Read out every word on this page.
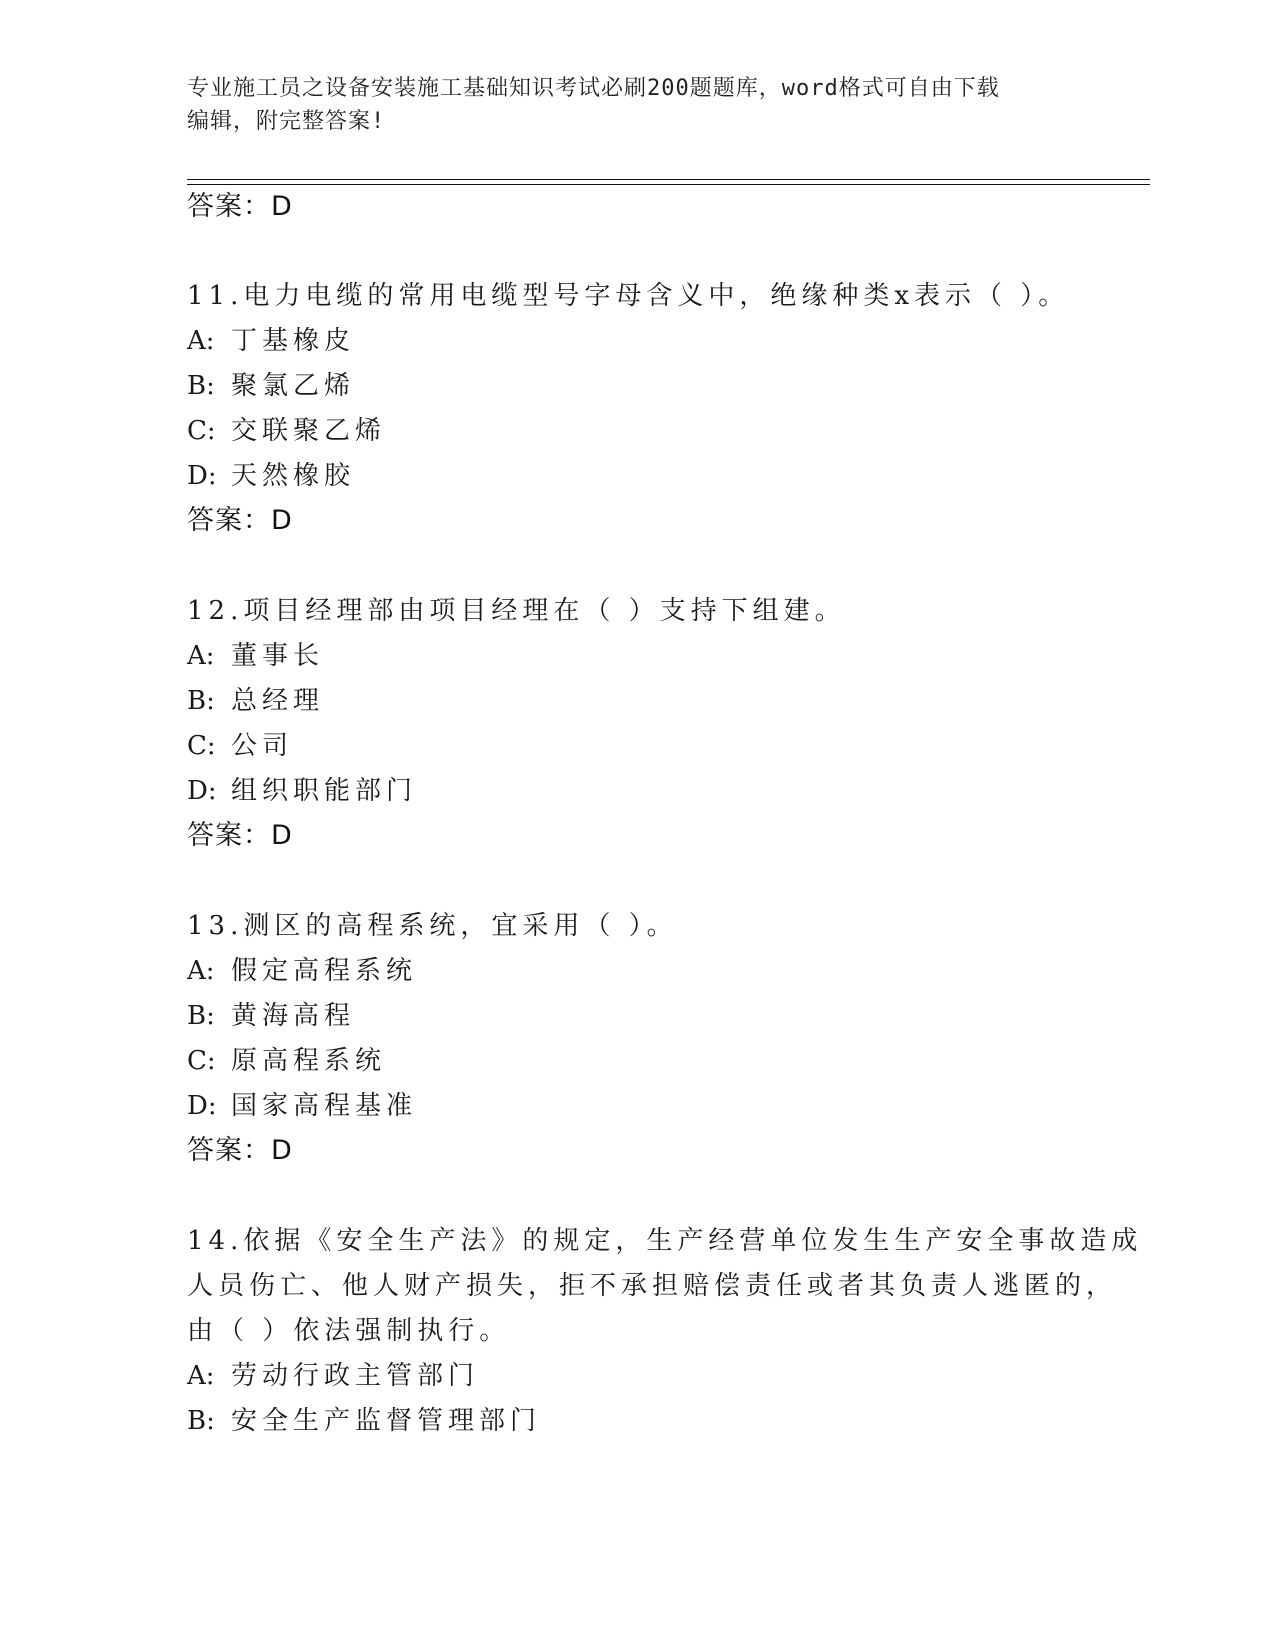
专业施工员之设备安装施工基础知识考试必刷200题题库，word格式可自由下载
编辑，附完整答案!
答案：D
11.电力电缆的常用电缆型号字母含义中，绝缘种类x表示（ ）。
A: 丁基橡皮
B: 聚氯乙烯
C: 交联聚乙烯
D: 天然橡胶
答案：D
12.项目经理部由项目经理在（ ）支持下组建。
A: 董事长
B: 总经理
C: 公司
D: 组织职能部门
答案：D
13.测区的高程系统，宜采用（ ）。
A: 假定高程系统
B: 黄海高程
C: 原高程系统
D: 国家高程基准
答案：D
14.依据《安全生产法》的规定，生产经营单位发生生产安全事故造成
人员伤亡、他人财产损失，拒不承担赔偿责任或者其负责人逃匿的，
由（ ）依法强制执行。
A: 劳动行政主管部门
B: 安全生产监督管理部门
